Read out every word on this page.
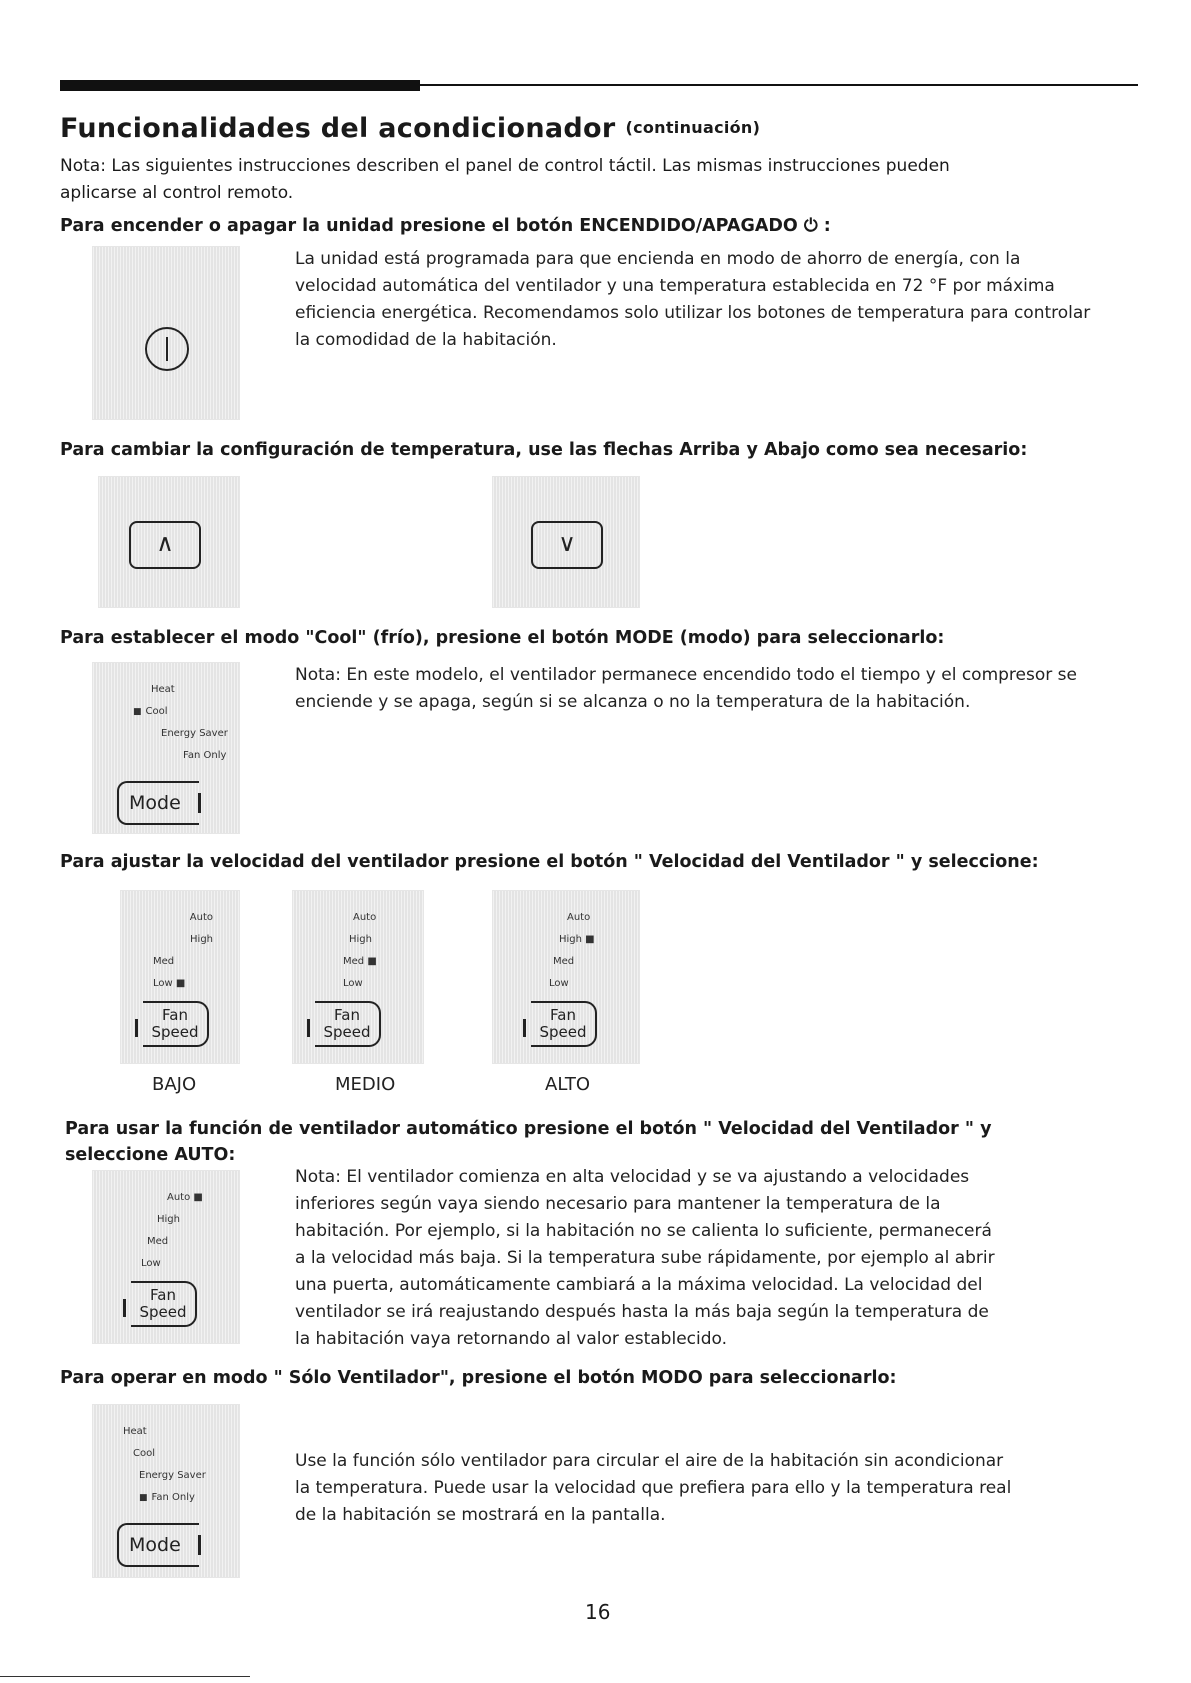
Funcionalidades del acondicionador (continuación)
Nota: Las siguientes instrucciones describen el panel de control táctil. Las mismas instrucciones pueden
aplicarse al control remoto.
Para encender o apagar la unidad presione el botón ENCENDIDO/APAGADO ⏻ :
La unidad está programada para que encienda en modo de ahorro de energía, con la
velocidad automática del ventilador y una temperatura establecida en 72 °F por máxima
eficiencia energética. Recomendamos solo utilizar los botones de temperatura para controlar
la comodidad de la habitación.
Para cambiar la configuración de temperatura, use las flechas Arriba y Abajo como sea necesario:
∧	∨
Para establecer el modo "Cool" (frío), presione el botón MODE (modo) para seleccionarlo:
Heat
■ Cool
Energy Saver
Fan Only
Mode
Nota: En este modelo, el ventilador permanece encendido todo el tiempo y el compresor se
enciende y se apaga, según si se alcanza o no la temperatura de la habitación.
Para ajustar la velocidad del ventilador presione el botón " Velocidad del Ventilador " y seleccione:
Auto
High
Med
Low ■
Fan
Speed
BAJO
Auto
High
Med ■
Low
Fan
Speed
MEDIO
Auto
High ■
Med
Low
Fan
Speed
ALTO
Para usar la función de ventilador automático presione el botón " Velocidad del Ventilador " y
seleccione AUTO:
Auto ■
High
Med
Low
Fan
Speed
Nota: El ventilador comienza en alta velocidad y se va ajustando a velocidades
inferiores según vaya siendo necesario para mantener la temperatura de la
habitación. Por ejemplo, si la habitación no se calienta lo suficiente, permanecerá
a la velocidad más baja. Si la temperatura sube rápidamente, por ejemplo al abrir
una puerta, automáticamente cambiará a la máxima velocidad. La velocidad del
ventilador se irá reajustando después hasta la más baja según la temperatura de
la habitación vaya retornando al valor establecido.
Para operar en modo " Sólo Ventilador", presione el botón MODO para seleccionarlo:
Heat
Cool
Energy Saver
■ Fan Only
Mode
Use la función sólo ventilador para circular el aire de la habitación sin acondicionar
la temperatura. Puede usar la velocidad que prefiera para ello y la temperatura real
de la habitación se mostrará en la pantalla.
16
